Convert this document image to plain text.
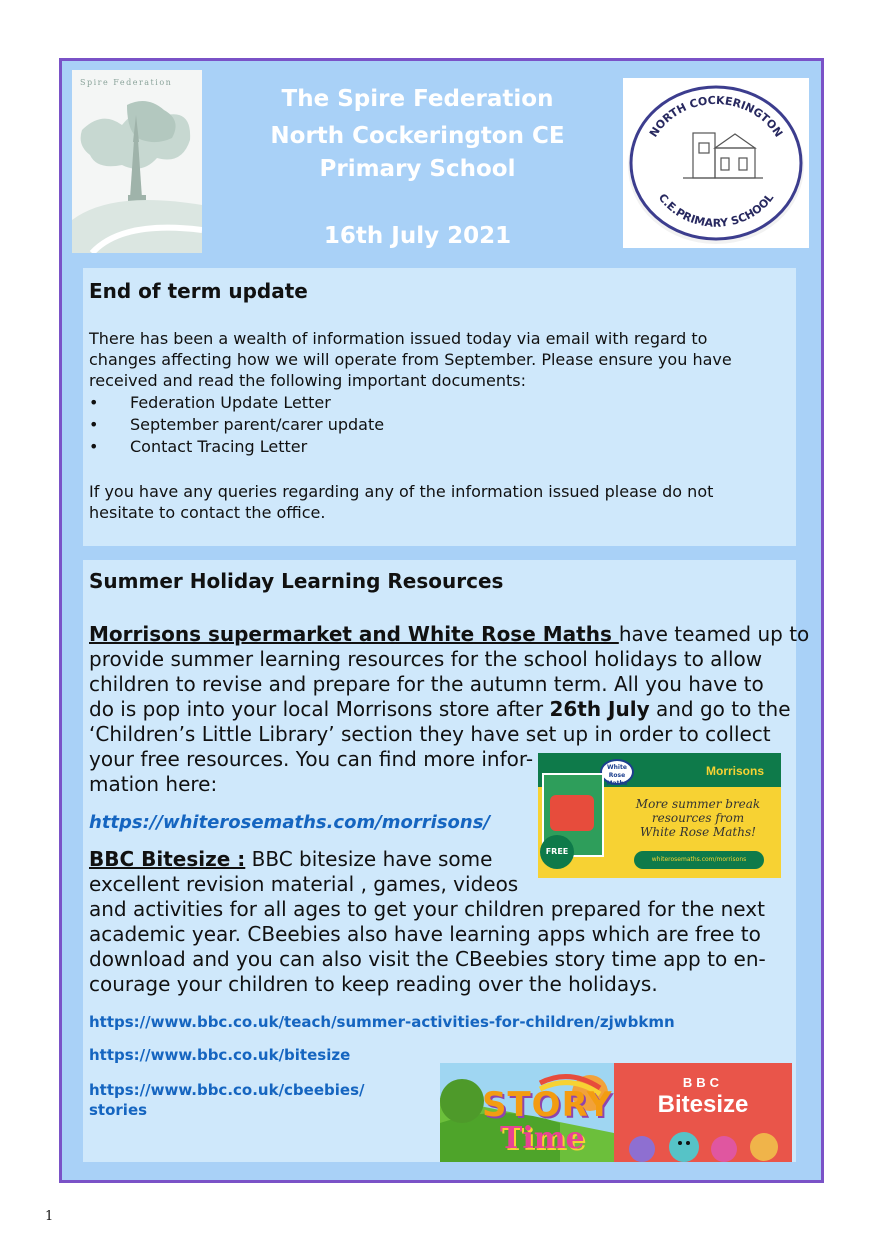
Spire Federation
The Spire Federation
North Cockerington CE
Primary School
16th July 2021
NORTH COCKERINGTON
C.E.PRIMARY SCHOOL
End of term update
There has been a wealth of information issued today via email with regard to
changes affecting how we will operate from September. Please ensure you have
received and read the following important documents:
• Federation Update Letter
• September parent/carer update
• Contact Tracing Letter
If you have any queries regarding any of the information issued please do not
hesitate to contact the office.
Summer Holiday Learning Resources
Morrisons supermarket and White Rose Maths have teamed up to
provide summer learning resources for the school holidays to allow
children to revise and prepare for the autumn term. All you have to
do is pop into your local Morrisons store after 26th July and go to the
‘Children’s Little Library’ section they have set up in order to collect
your free resources. You can find more infor-
mation here:
https://whiterosemaths.com/morrisons/
BBC Bitesize : BBC bitesize have some
excellent revision material , games, videos
and activities for all ages to get your children prepared for the next
academic year. CBeebies also have learning apps which are free to
download and you can also visit the CBeebies story time app to en-
courage your children to keep reading over the holidays.
https://www.bbc.co.uk/teach/summer-activities-for-children/zjwbkmn
https://www.bbc.co.uk/bitesize
https://www.bbc.co.uk/cbeebies/
stories
White Rose Maths
Morrisons
FREE
More summer break
resources from
White Rose Maths!
whiterosemaths.com/morrisons
STORY
Time
BBC
Bitesize
1
